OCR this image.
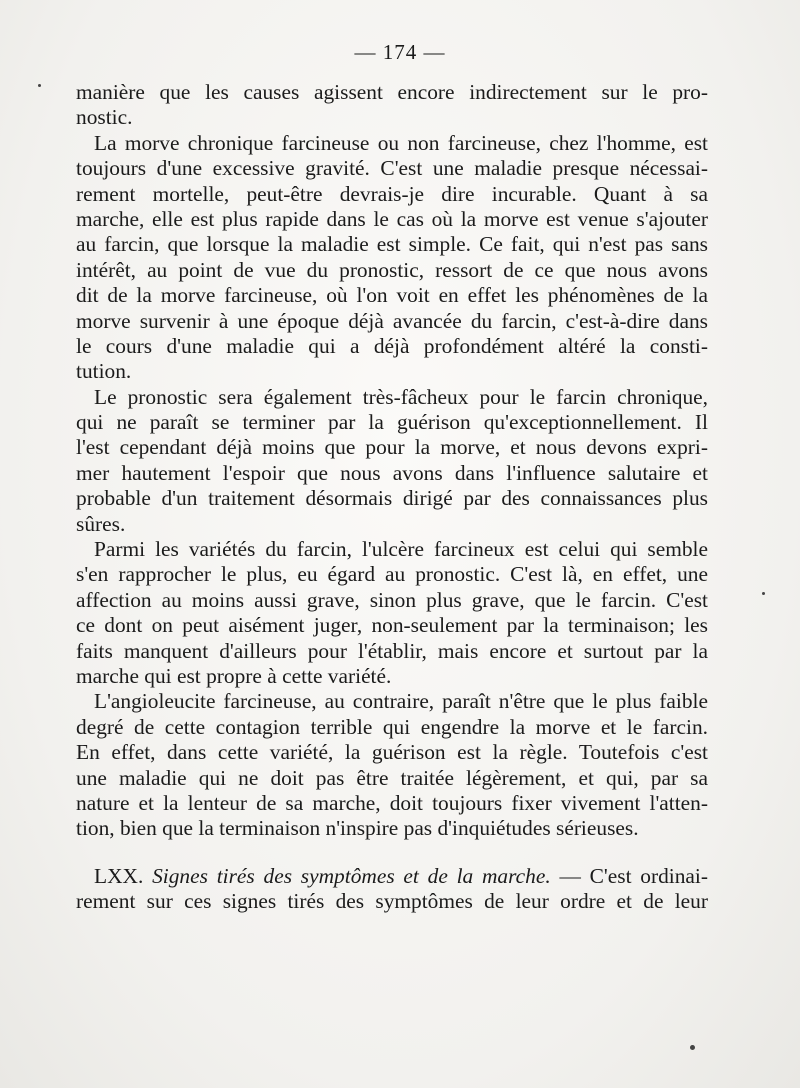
— 174 —
manière que les causes agissent encore indirectement sur le pro-
nostic.
La morve chronique farcineuse ou non farcineuse, chez l'homme, est
toujours d'une excessive gravité. C'est une maladie presque nécessai-
rement mortelle, peut-être devrais-je dire incurable. Quant à sa
marche, elle est plus rapide dans le cas où la morve est venue s'ajouter
au farcin, que lorsque la maladie est simple. Ce fait, qui n'est pas sans
intérêt, au point de vue du pronostic, ressort de ce que nous avons
dit de la morve farcineuse, où l'on voit en effet les phénomènes de la
morve survenir à une époque déjà avancée du farcin, c'est-à-dire dans
le cours d'une maladie qui a déjà profondément altéré la consti-
tution.
Le pronostic sera également très-fâcheux pour le farcin chronique,
qui ne paraît se terminer par la guérison qu'exceptionnellement. Il
l'est cependant déjà moins que pour la morve, et nous devons expri-
mer hautement l'espoir que nous avons dans l'influence salutaire et
probable d'un traitement désormais dirigé par des connaissances plus
sûres.
Parmi les variétés du farcin, l'ulcère farcineux est celui qui semble
s'en rapprocher le plus, eu égard au pronostic. C'est là, en effet, une
affection au moins aussi grave, sinon plus grave, que le farcin. C'est
ce dont on peut aisément juger, non-seulement par la terminaison; les
faits manquent d'ailleurs pour l'établir, mais encore et surtout par la
marche qui est propre à cette variété.
L'angioleucite farcineuse, au contraire, paraît n'être que le plus faible
degré de cette contagion terrible qui engendre la morve et le farcin.
En effet, dans cette variété, la guérison est la règle. Toutefois c'est
une maladie qui ne doit pas être traitée légèrement, et qui, par sa
nature et la lenteur de sa marche, doit toujours fixer vivement l'atten-
tion, bien que la terminaison n'inspire pas d'inquiétudes sérieuses.
LXX. Signes tirés des symptômes et de la marche. — C'est ordinai-
rement sur ces signes tirés des symptômes de leur ordre et de leur
